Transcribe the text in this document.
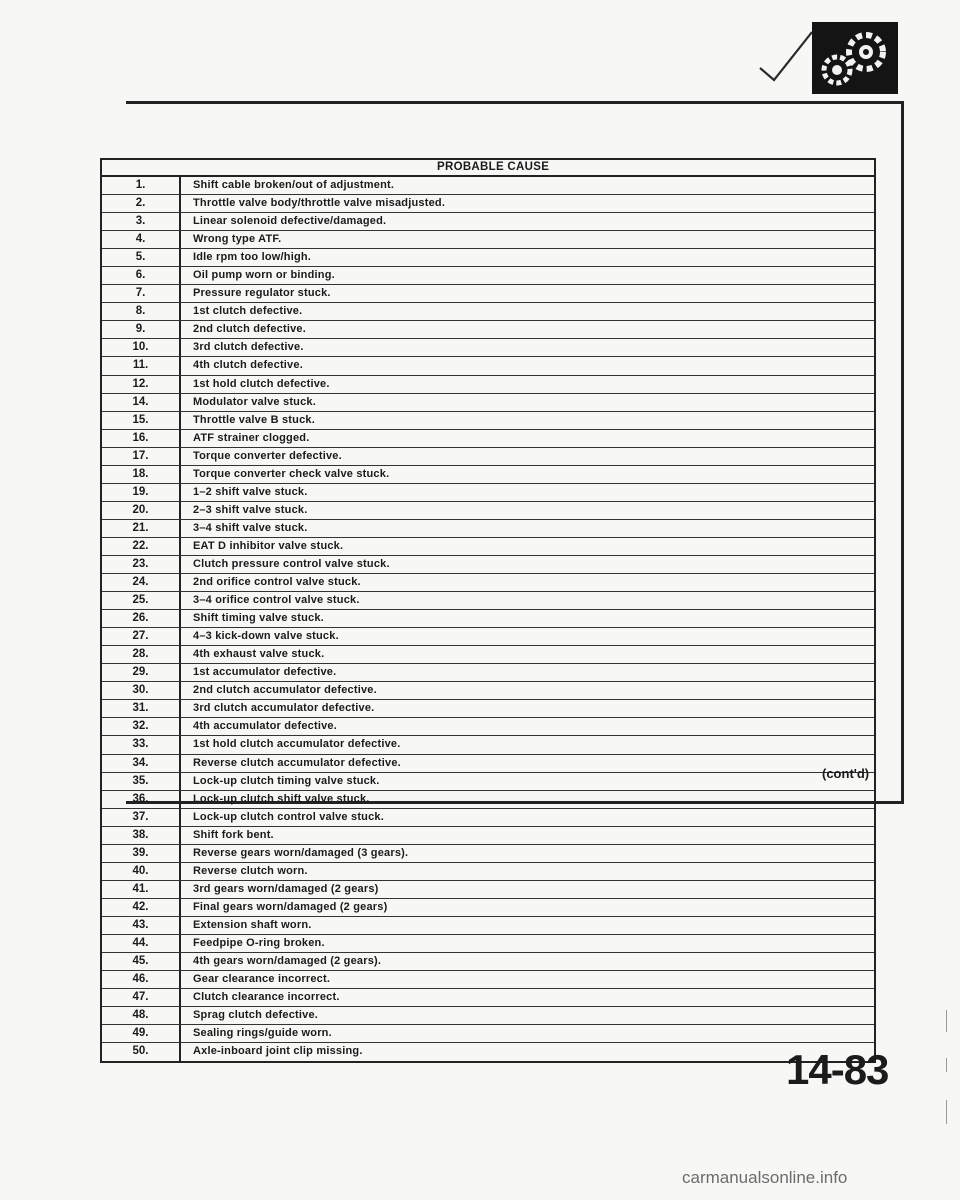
PROBABLE CAUSE
1.	Shift cable broken/out of adjustment.
2.	Throttle valve body/throttle valve misadjusted.
3.	Linear solenoid defective/damaged.
4.	Wrong type ATF.
5.	Idle rpm too low/high.
6.	Oil pump worn or binding.
7.	Pressure regulator stuck.
8.	1st clutch defective.
9.	2nd clutch defective.
10.	3rd clutch defective.
11.	4th clutch defective.
12.	1st hold clutch defective.
14.	Modulator valve stuck.
15.	Throttle valve B stuck.
16.	ATF strainer clogged.
17.	Torque converter defective.
18.	Torque converter check valve stuck.
19.	1–2 shift valve stuck.
20.	2–3 shift valve stuck.
21.	3–4 shift valve stuck.
22.	EAT D inhibitor valve stuck.
23.	Clutch pressure control valve stuck.
24.	2nd orifice control valve stuck.
25.	3–4 orifice control valve stuck.
26.	Shift timing valve stuck.
27.	4–3 kick-down valve stuck.
28.	4th exhaust valve stuck.
29.	1st accumulator defective.
30.	2nd clutch accumulator defective.
31.	3rd clutch accumulator defective.
32.	4th accumulator defective.
33.	1st hold clutch accumulator defective.
34.	Reverse clutch accumulator defective.
35.	Lock-up clutch timing valve stuck.
36.	Lock-up clutch shift valve stuck.
37.	Lock-up clutch control valve stuck.
38.	Shift fork bent.
39.	Reverse gears worn/damaged (3 gears).
40.	Reverse clutch worn.
41.	3rd gears worn/damaged (2 gears)
42.	Final gears worn/damaged (2 gears)
43.	Extension shaft worn.
44.	Feedpipe O-ring broken.
45.	4th gears worn/damaged (2 gears).
46.	Gear clearance incorrect.
47.	Clutch clearance incorrect.
48.	Sprag clutch defective.
49.	Sealing rings/guide worn.
50.	Axle-inboard joint clip missing.
(cont'd)
14-83
carmanualsonline.info
